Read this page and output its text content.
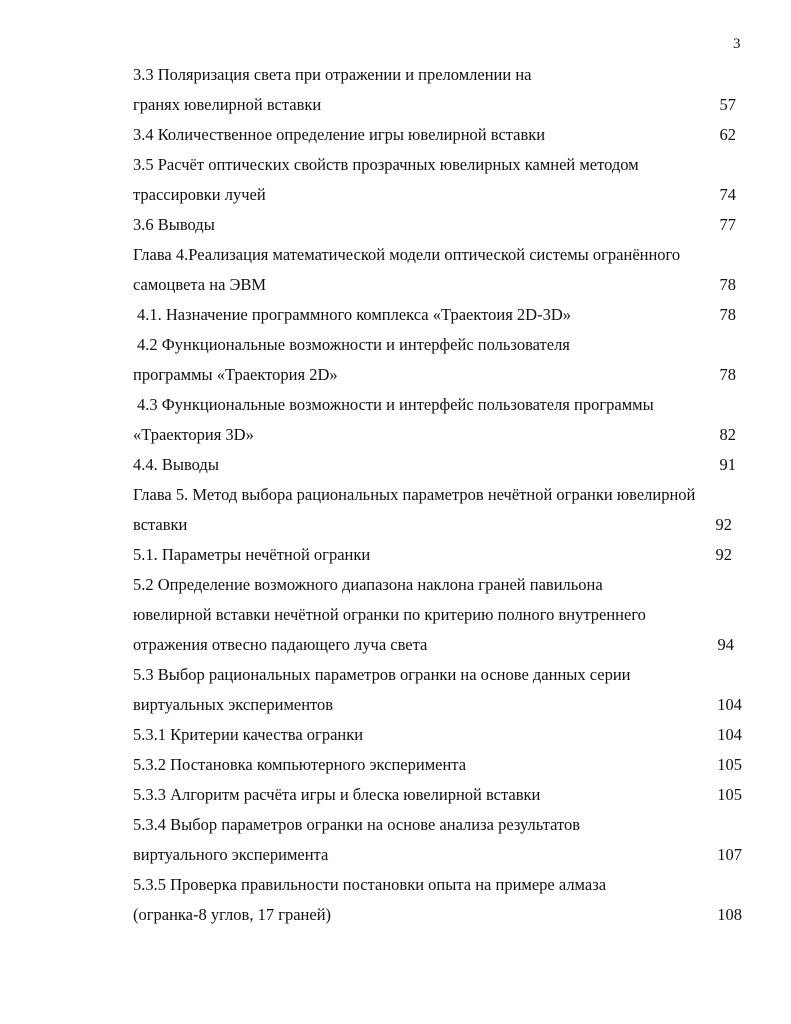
3
3.3 Поляризация света при отражении и преломлении на
гранях ювелирной вставки	57
3.4 Количественное определение игры ювелирной вставки	62
3.5 Расчёт оптических свойств прозрачных ювелирных камней методом
трассировки лучей	74
3.6 Выводы	77
Глава 4.Реализация математической модели оптической системы огранённого
самоцвета на ЭВМ	78
4.1. Назначение программного комплекса «Траектоия 2D-3D»	78
4.2 Функциональные возможности и интерфейс пользователя
программы «Траектория 2D»	78
4.3 Функциональные возможности и интерфейс пользователя программы
«Траектория 3D»	82
4.4. Выводы	91
Глава 5. Метод выбора рациональных параметров нечётной огранки ювелирной
вставки	92
5.1. Параметры нечётной огранки	92
5.2 Определение возможного диапазона наклона граней павильона
ювелирной вставки нечётной огранки по критерию полного внутреннего
отражения отвесно падающего луча света	94
5.3 Выбор рациональных параметров огранки на основе данных серии
виртуальных экспериментов	104
5.3.1 Критерии качества огранки	104
5.3.2 Постановка компьютерного эксперимента	105
5.3.3 Алгоритм расчёта игры и блеска ювелирной вставки	105
5.3.4 Выбор параметров огранки на основе анализа результатов
виртуального эксперимента	107
5.3.5 Проверка правильности постановки опыта на примере алмаза
(огранка-8 углов, 17 граней)	108
